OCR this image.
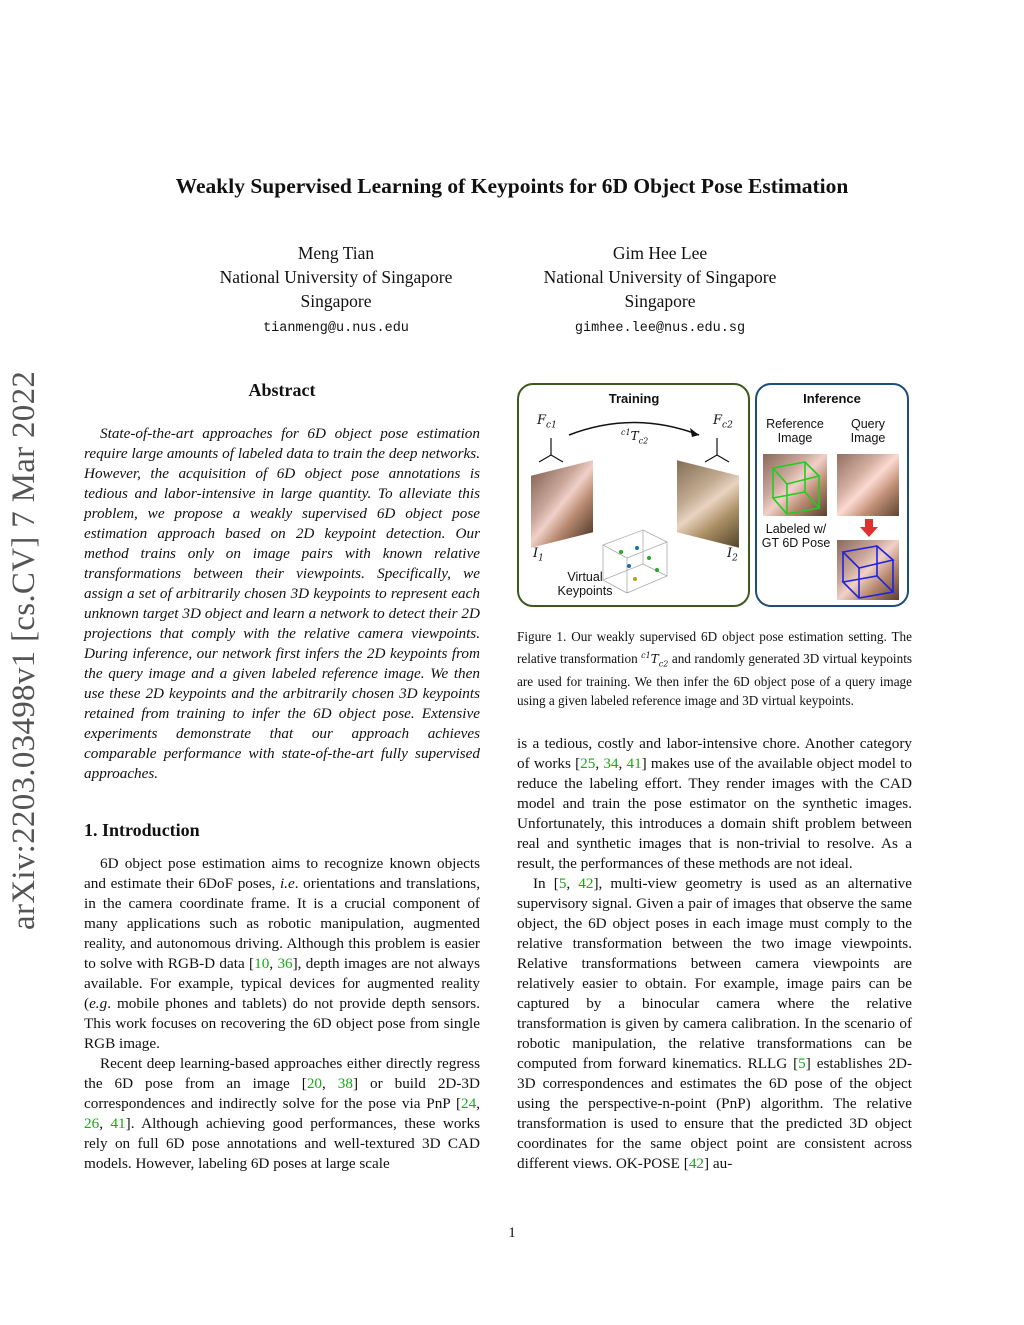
arXiv:2203.03498v1 [cs.CV] 7 Mar 2022
Weakly Supervised Learning of Keypoints for 6D Object Pose Estimation
Meng Tian
National University of Singapore
Singapore
tianmeng@u.nus.edu
Gim Hee Lee
National University of Singapore
Singapore
gimhee.lee@nus.edu.sg
Abstract

State-of-the-art approaches for 6D object pose estimation require large amounts of labeled data to train the deep networks. However, the acquisition of 6D object pose annotations is tedious and labor-intensive in large quantity. To alleviate this problem, we propose a weakly supervised 6D object pose estimation approach based on 2D keypoint detection. Our method trains only on image pairs with known relative transformations between their viewpoints. Specifically, we assign a set of arbitrarily chosen 3D keypoints to represent each unknown target 3D object and learn a network to detect their 2D projections that comply with the relative camera viewpoints. During inference, our network first infers the 2D keypoints from the query image and a given labeled reference image. We then use these 2D keypoints and the arbitrarily chosen 3D keypoints retained from training to infer the 6D object pose. Extensive experiments demonstrate that our approach achieves comparable performance with state-of-the-art fully supervised approaches.

1. Introduction

6D object pose estimation aims to recognize known objects and estimate their 6DoF poses, i.e. orientations and translations, in the camera coordinate frame. It is a crucial component of many applications such as robotic manipulation, augmented reality, and autonomous driving. Although this problem is easier to solve with RGB-D data [10, 36], depth images are not always available. For example, typical devices for augmented reality (e.g. mobile phones and tablets) do not provide depth sensors. This work focuses on recovering the 6D object pose from single RGB image.

Recent deep learning-based approaches either directly regress the 6D pose from an image [20, 38] or build 2D-3D correspondences and indirectly solve for the pose via PnP [24, 26, 41]. Although achieving good performances, these works rely on full 6D pose annotations and well-textured 3D CAD models. However, labeling 6D poses at large scale

Training
$F_{c1}$	$F_{c2}$
$^{c1}T_{c2}$
$I_1$	$I_2$
Virtual
Keypoints
Inference
Reference
Image
Query
Image
Labeled w/
GT 6D Pose
Figure 1. Our weakly supervised 6D object pose estimation setting. The relative transformation $^{c1}T_{c2}$ and randomly generated 3D virtual keypoints are used for training. We then infer the 6D object pose of a query image using a given labeled reference image and 3D virtual keypoints.

is a tedious, costly and labor-intensive chore. Another category of works [25, 34, 41] makes use of the available object model to reduce the labeling effort. They render images with the CAD model and train the pose estimator on the synthetic images. Unfortunately, this introduces a domain shift problem between real and synthetic images that is non-trivial to resolve. As a result, the performances of these methods are not ideal.

In [5, 42], multi-view geometry is used as an alternative supervisory signal. Given a pair of images that observe the same object, the 6D object poses in each image must comply to the relative transformation between the two image viewpoints. Relative transformations between camera viewpoints are relatively easier to obtain. For example, image pairs can be captured by a binocular camera where the relative transformation is given by camera calibration. In the scenario of robotic manipulation, the relative transformations can be computed from forward kinematics. RLLG [5] establishes 2D-3D correspondences and estimates the 6D pose of the object using the perspective-n-point (PnP) algorithm. The relative transformation is used to ensure that the predicted 3D object coordinates for the same object point are consistent across different views. OK-POSE [42] au-

1
